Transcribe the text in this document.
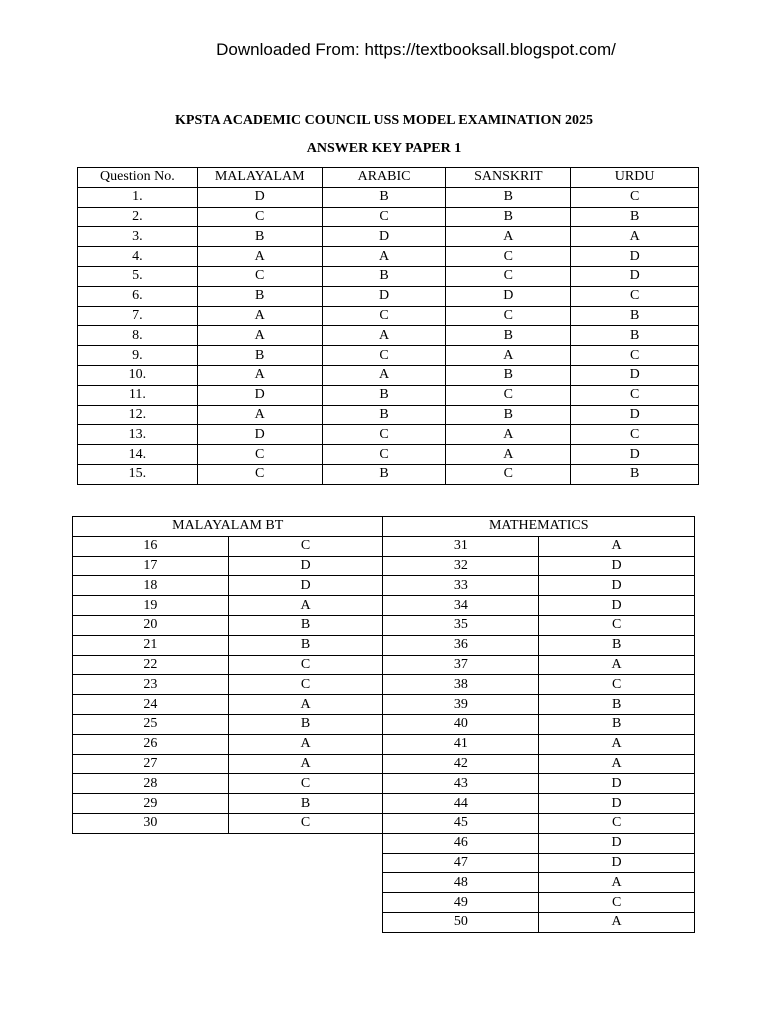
Downloaded From: https://textbooksall.blogspot.com/
KPSTA ACADEMIC COUNCIL USS MODEL EXAMINATION 2025
ANSWER KEY PAPER 1
Question No.	MALAYALAM	ARABIC	SANSKRIT	URDU
1.	D	B	B	C
2.	C	C	B	B
3.	B	D	A	A
4.	A	A	C	D
5.	C	B	C	D
6.	B	D	D	C
7.	A	C	C	B
8.	A	A	B	B
9.	B	C	A	C
10.	A	A	B	D
11.	D	B	C	C
12.	A	B	B	D
13.	D	C	A	C
14.	C	C	A	D
15.	C	B	C	B
MALAYALAM BT		MATHEMATICS	
16	C	31	A
17	D	32	D
18	D	33	D
19	A	34	D
20	B	35	C
21	B	36	B
22	C	37	A
23	C	38	C
24	A	39	B
25	B	40	B
26	A	41	A
27	A	42	A
28	C	43	D
29	B	44	D
30	C	45	C
		46	D
		47	D
		48	A
		49	C
		50	A
